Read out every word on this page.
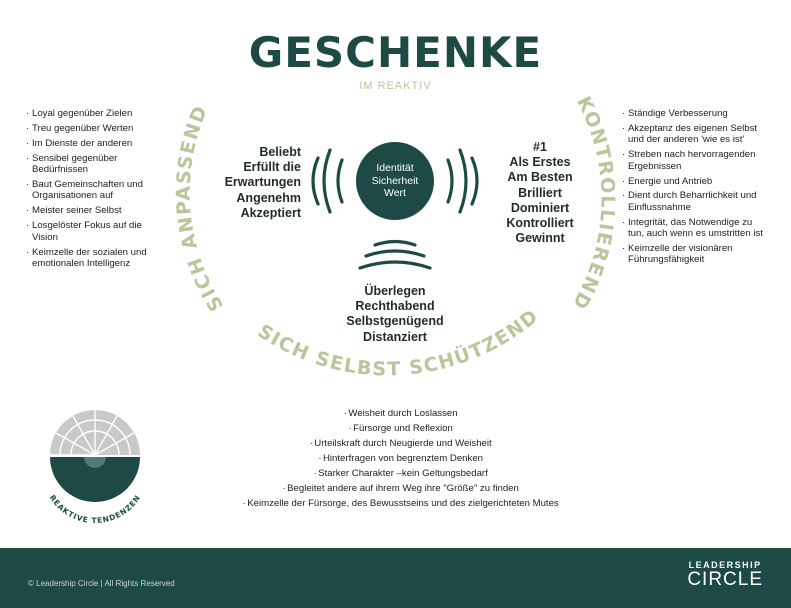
GESCHENKE
IM REAKTIV
SICH ANPASSEND	KONTROLLIEREND
SICH SELBST SCHÜTZEND
REAKTIVE TENDENZEN
Identität
Sicherheit
Wert
Beliebt
Erfüllt die
Erwartungen
Angenehm
Akzeptiert
#1
Als Erstes
Am Besten
Brilliert
Dominiert
Kontrolliert
Gewinnt
Überlegen
Rechthabend
Selbstgenügend
Distanziert
· Loyal gegenüber Zielen
· Treu gegenüber Werten
· Im Dienste der anderen
· Sensibel gegenüber Bedürfnissen
· Baut Gemeinschaften und Organisationen auf
· Meister seiner Selbst
· Losgelöster Fokus auf die Vision
· Keimzelle der sozialen und emotionalen Intelligenz
· Ständige Verbesserung
· Akzeptanz des eigenen Selbst und der anderen 'wie es ist'
· Streben nach hervorragenden Ergebnissen
· Energie und Antrieb
· Dient durch Beharrlichkeit und Einflussnahme
· Integrität, das Notwendige zu tun, auch wenn es umstritten ist
· Keimzelle der visionären Führungsfähigkeit
· Weisheit durch Loslassen
· Fürsorge und Reflexion
· Urteilskraft durch Neugierde und Weisheit
· Hinterfragen von begrenztem Denken
· Starker Charakter –kein Geltungsbedarf
· Begleitet andere auf ihrem Weg ihre "Größe" zu finden
· Keimzelle der Fürsorge, des Bewusstseins und des zielgerichteten Mutes
© Leadership Circle | All Rights Reserved
LEADERSHIP
CIRCLE
